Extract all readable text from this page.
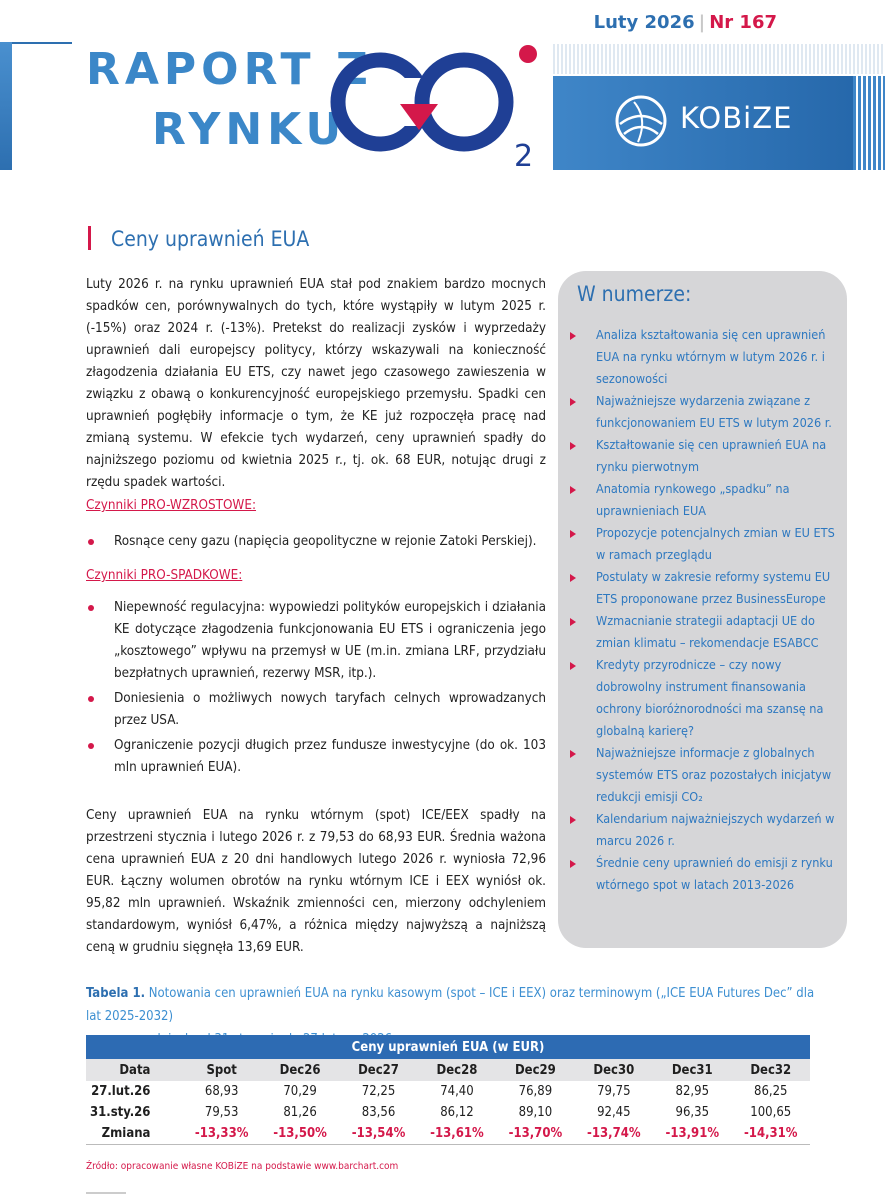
RAPORT Z
RYNKU
2
Luty 2026 | Nr 167
KOBiZE
Ceny uprawnień EUA

Luty 2026 r. na rynku uprawnień EUA stał pod znakiem bardzo mocnych spadków cen, porównywalnych do tych, które wystąpiły w lutym 2025 r. (-15%) oraz 2024 r. (-13%). Pretekst do realizacji zysków i wyprzedaży uprawnień dali europejscy politycy, którzy wskazywali na konieczność złagodzenia działania EU ETS, czy nawet jego czasowego zawieszenia w związku z obawą o konkurencyjność europejskiego przemysłu. Spadki cen uprawnień pogłębiły informacje o tym, że KE już rozpoczęła pracę nad zmianą systemu. W efekcie tych wydarzeń, ceny uprawnień spadły do najniższego poziomu od kwietnia 2025 r., tj. ok. 68 EUR, notując drugi z rzędu spadek wartości.

Czynniki PRO-WZROSTOWE:
Rosnące ceny gazu (napięcia geopolityczne w rejonie Zatoki Perskiej).
Czynniki PRO-SPADKOWE:
Niepewność regulacyjna: wypowiedzi polityków europejskich i działania KE dotyczące złagodzenia funkcjonowania EU ETS i ograniczenia jego „kosztowego” wpływu na przemysł w UE (m.in. zmiana LRF, przydziału bezpłatnych uprawnień, rezerwy MSR, itp.).
Doniesienia o możliwych nowych taryfach celnych wprowadzanych przez USA.
Ograniczenie pozycji długich przez fundusze inwestycyjne (do ok. 103 mln uprawnień EUA).

Ceny uprawnień EUA na rynku wtórnym (spot) ICE/EEX spadły na przestrzeni stycznia i lutego 2026 r. z 79,53 do 68,93 EUR. Średnia ważona cena uprawnień EUA z 20 dni handlowych lutego 2026 r. wyniosła 72,96 EUR. Łączny wolumen obrotów na rynku wtórnym ICE i EEX wyniósł ok. 95,82 mln uprawnień. Wskaźnik zmienności cen, mierzony odchyleniem standardowym, wyniósł 6,47%, a różnica między najwyższą a najniższą ceną w grudniu sięgnęła 13,69 EUR.

W numerze:
Analiza kształtowania się cen uprawnień EUA na rynku wtórnym w lutym 2026 r. i sezonowości
Najważniejsze wydarzenia związane z funkcjonowaniem EU ETS w lutym 2026 r.
Kształtowanie się cen uprawnień EUA na rynku pierwotnym
Anatomia rynkowego „spadku” na uprawnieniach EUA
Propozycje potencjalnych zmian w EU ETS w ramach przeglądu
Postulaty w zakresie reformy systemu EU ETS proponowane przez BusinessEurope
Wzmacnianie strategii adaptacji UE do zmian klimatu – rekomendacje ESABCC
Kredyty przyrodnicze – czy nowy dobrowolny instrument finansowania ochrony bioróżnorodności ma szansę na globalną karierę?
Najważniejsze informacje z globalnych systemów ETS oraz pozostałych inicjatyw redukcji emisji CO₂
Kalendarium najważniejszych wydarzeń w marcu 2026 r.
Średnie ceny uprawnień do emisji z rynku wtórnego spot w latach 2013-2026
Tabela 1. Notowania cen uprawnień EUA na rynku kasowym (spot – ICE i EEX) oraz terminowym („ICE EUA Futures Dec” dla lat 2025-2032)
Ceny uprawnień EUA (w EUR)								
Data	Spot	Dec26	Dec27	Dec28	Dec29	Dec30	Dec31	Dec32
27.lut.26	68,93	70,29	72,25	74,40	76,89	79,75	82,95	86,25
31.sty.26	79,53	81,26	83,56	86,12	89,10	92,45	96,35	100,65
Zmiana	-13,33%	-13,50%	-13,54%	-13,61%	-13,70%	-13,74%	-13,91%	-14,31%
Źródło: opracowanie własne KOBiZE na podstawie www.barchart.com
